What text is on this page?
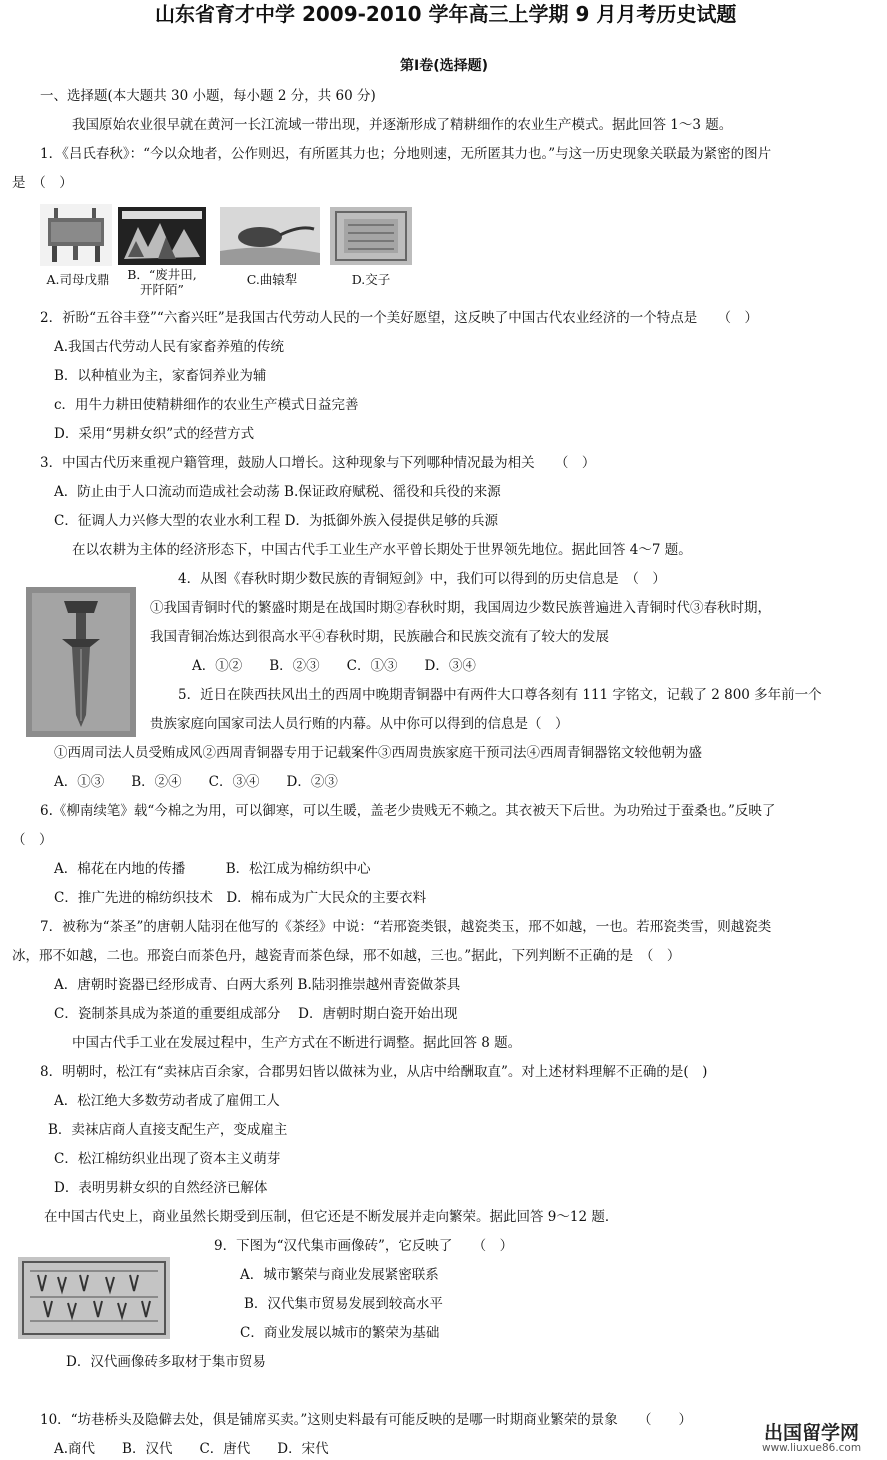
山东省育才中学 2009-2010 学年高三上学期 9 月月考历史试题
第Ⅰ卷(选择题)
一、选择题(本大题共 30 小题，每小题 2 分，共 60 分)
我国原始农业很早就在黄河一长江流域一带出现，并逐渐形成了精耕细作的农业生产模式。据此回答 1～3 题。
1．《吕氏春秋》：“今以众地者，公作则迟，有所匿其力也；分地则速，无所匿其力也。”与这一历史现象关联最为紧密的图片
是　（　）
A.司母戊鼎	B．“废井田,
开阡陌”
C.曲辕犁	D.交子
2．祈盼“五谷丰登”“六畜兴旺”是我国古代劳动人民的一个美好愿望，这反映了中国古代农业经济的一个特点是　　（　）
A.我国古代劳动人民有家畜养殖的传统
B．以种植业为主，家畜饲养业为辅
c．用牛力耕田使精耕细作的农业生产模式日益完善
D．采用“男耕女织”式的经营方式
3．中国古代历来重视户籍管理，鼓励人口增长。这种现象与下列哪种情况最为相关　　（　）
A．防止由于人口流动而造成社会动荡 B.保证政府赋税、徭役和兵役的来源
C．征调人力兴修大型的农业水利工程 D．为抵御外族入侵提供足够的兵源
在以农耕为主体的经济形态下，中国古代手工业生产水平曾长期处于世界领先地位。据此回答 4～7 题。
4．从图《春秋时期少数民族的青铜短剑》中，我们可以得到的历史信息是　（　）
①我国青铜时代的繁盛时期是在战国时期②春秋时期，我国周边少数民族普遍进入青铜时代③春秋时期，
我国青铜冶炼达到很高水平④春秋时期，民族融合和民族交流有了较大的发展
A．①②　　B．②③　　C．①③　　D．③④
5．近日在陕西扶风出土的西周中晚期青铜器中有两件大口尊各刻有 111 字铭文，记载了 2 800 多年前一个
贵族家庭向国家司法人员行贿的内幕。从中你可以得到的信息是（　）
①西周司法人员受贿成风②西周青铜器专用于记载案件③西周贵族家庭干预司法④西周青铜器铭文较他朝为盛
A．①③　　B．②④　　C．③④　　D．②③
6.《柳南续笔》载“今棉之为用，可以御寒，可以生暖，盖老少贵贱无不赖之。其衣被天下后世。为功殆过于蚕桑也。”反映了
（　）
A．棉花在内地的传播　　　B．松江成为棉纺织中心
C．推广先进的棉纺织技术　D．棉布成为广大民众的主要衣料
7．被称为“茶圣”的唐朝人陆羽在他写的《茶经》中说：“若邢瓷类银，越瓷类玉，邢不如越，一也。若邢瓷类雪，则越瓷类
冰，邢不如越，二也。邢瓷白而茶色丹，越瓷青而茶色绿，邢不如越，三也。”据此，下列判断不正确的是　（　）
A．唐朝时瓷器已经形成青、白两大系列 B.陆羽推崇越州青瓷做茶具
C．瓷制茶具成为茶道的重要组成部分　 D．唐朝时期白瓷开始出现
中国古代手工业在发展过程中，生产方式在不断进行调整。据此回答 8 题。
8．明朝时，松江有“卖袜店百余家，合郡男妇皆以做袜为业，从店中给酬取直”。对上述材料理解不正确的是(　)
A．松江绝大多数劳动者成了雇佣工人
B．卖袜店商人直接支配生产，变成雇主
C．松江棉纺织业出现了资本主义萌芽
D．表明男耕女织的自然经济已解体
在中国古代史上，商业虽然长期受到压制，但它还是不断发展并走向繁荣。据此回答 9～12 题．
9．下图为“汉代集市画像砖”，它反映了　　（　）
A．城市繁荣与商业发展紧密联系
B．汉代集市贸易发展到较高水平
C．商业发展以城市的繁荣为基础
D．汉代画像砖多取材于集市贸易
10．“坊巷桥头及隐僻去处，俱是铺席买卖。”这则史料最有可能反映的是哪一时期商业繁荣的景象　　（　　）
A.商代　　B．汉代　　C．唐代　　D．宋代
出国留学网
www.liuxue86.com
